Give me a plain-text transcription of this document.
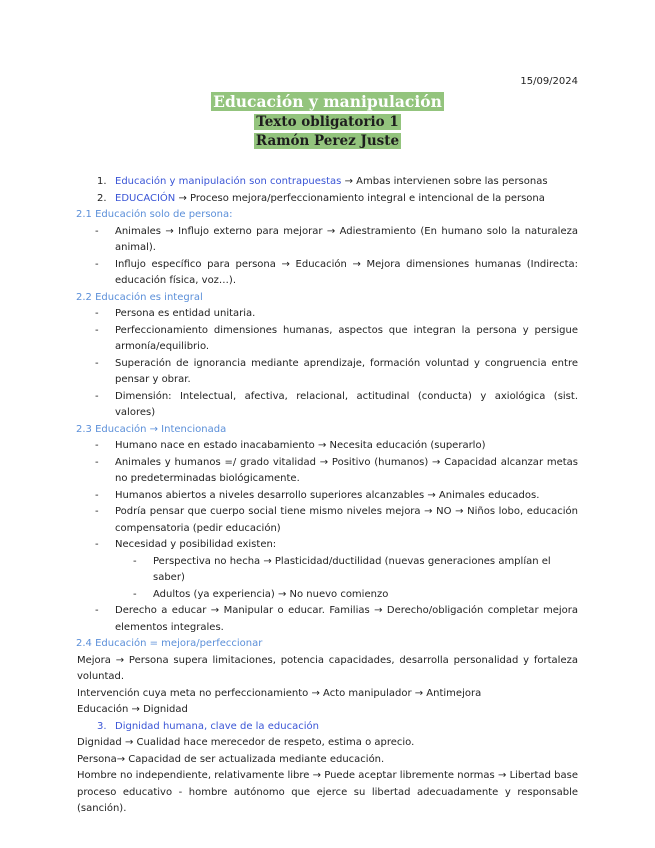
15/09/2024
Educación y manipulación
Texto obligatorio 1
Ramón Perez Juste
1. Educación y manipulación son contrapuestas → Ambas intervienen sobre las personas
2. EDUCACIÓN → Proceso mejora/perfeccionamiento integral e intencional de la persona
2.1 Educación solo de persona:
-	Animales → Influjo externo para mejorar → Adiestramiento (En humano solo la naturaleza animal).
-	Influjo específico para persona → Educación → Mejora dimensiones humanas (Indirecta: educación física, voz…).
2.2 Educación es integral
-	Persona es entidad unitaria.
-	Perfeccionamiento dimensiones humanas, aspectos que integran la persona y persigue armonía/equilibrio.
-	Superación de ignorancia mediante aprendizaje, formación voluntad y congruencia entre pensar y obrar.
-	Dimensión: Intelectual, afectiva, relacional, actitudinal (conducta) y axiológica (sist. valores)
2.3 Educación → Intencionada
-	Humano nace en estado inacabamiento → Necesita educación (superarlo)
-	Animales y humanos =/ grado vitalidad → Positivo (humanos) → Capacidad alcanzar metas no predeterminadas biológicamente.
-	Humanos abiertos a niveles desarrollo superiores alcanzables → Animales educados.
-	Podría pensar que cuerpo social tiene mismo niveles mejora → NO → Niños lobo, educación compensatoria (pedir educación)
-	Necesidad y posibilidad existen:
-	Perspectiva no hecha → Plasticidad/ductilidad (nuevas generaciones amplían el saber)
-	Adultos (ya experiencia) → No nuevo comienzo
-	Derecho a educar → Manipular o educar. Familias → Derecho/obligación completar mejora elementos integrales.
2.4 Educación = mejora/perfeccionar
Mejora → Persona supera limitaciones, potencia capacidades, desarrolla personalidad y fortaleza voluntad.
Intervención cuya meta no perfeccionamiento → Acto manipulador → Antimejora
Educación → Dignidad
3. Dignidad humana, clave de la educación
Dignidad → Cualidad hace merecedor de respeto, estima o aprecio.
Persona→ Capacidad de ser actualizada mediante educación.
Hombre no independiente, relativamente libre → Puede aceptar libremente normas → Libertad base proceso educativo - hombre autónomo que ejerce su libertad adecuadamente y responsable (sanción).
